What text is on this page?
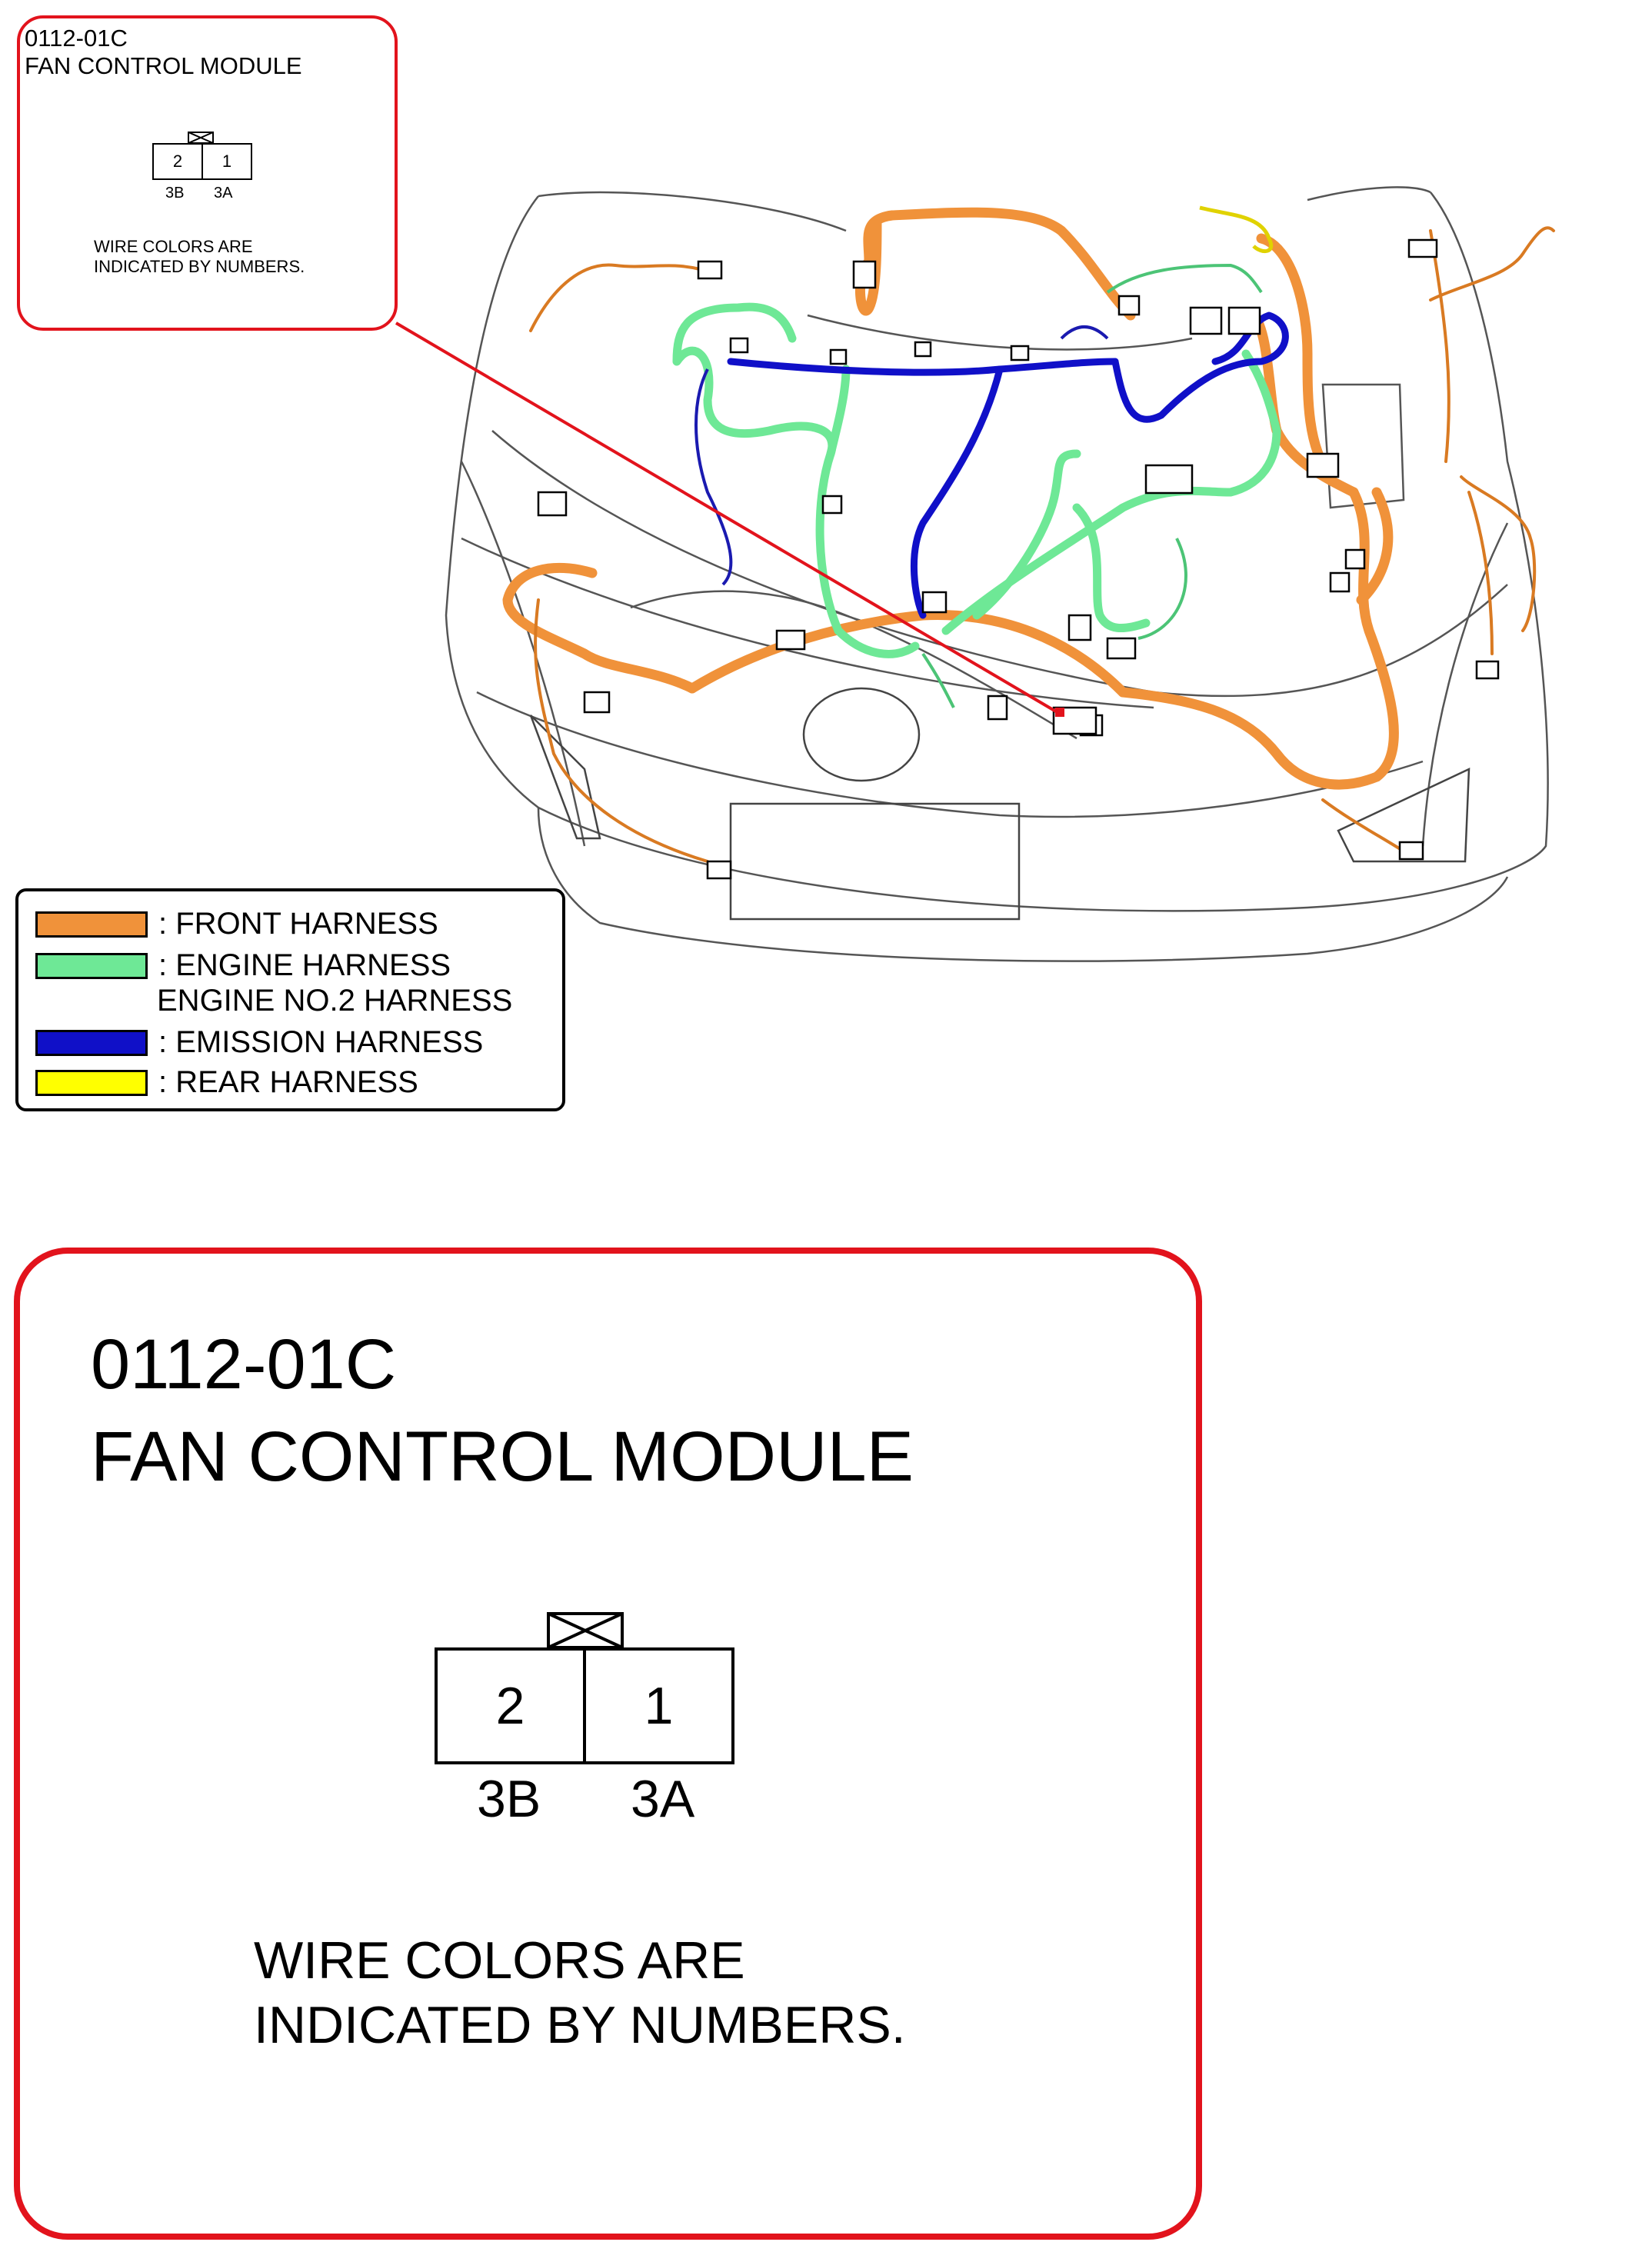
0112-01C
FAN CONTROL MODULE
2	1
3B 3A
WIRE COLORS ARE
INDICATED BY NUMBERS.
: FRONT HARNESS
: ENGINE HARNESS
ENGINE NO.2 HARNESS
: EMISSION HARNESS
: REAR HARNESS
0112-01C
FAN CONTROL MODULE
2	1
3B 3A
WIRE COLORS ARE
INDICATED BY NUMBERS.
